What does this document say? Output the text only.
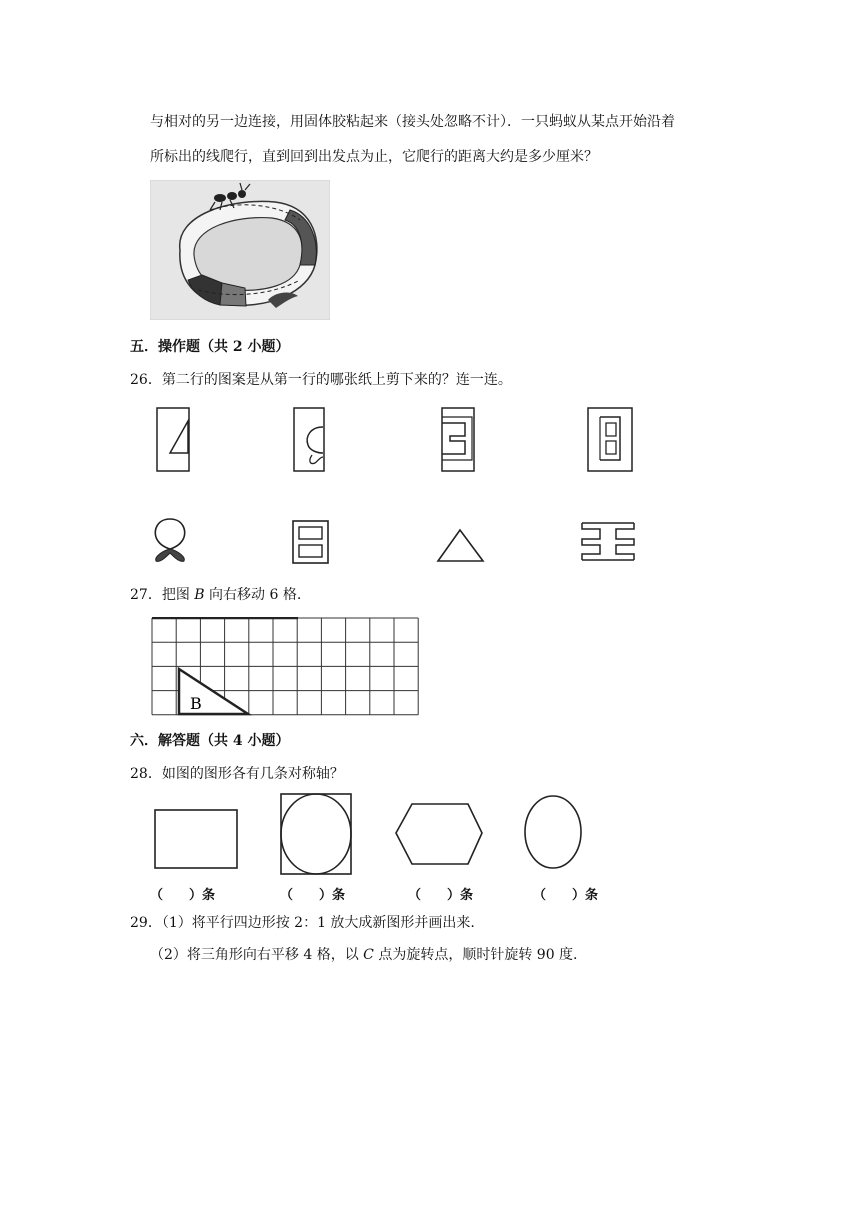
与相对的另一边连接，用固体胶粘起来（接头处忽略不计）．一只蚂蚁从某点开始沿着
所标出的线爬行，直到回到出发点为止，它爬行的距离大约是多少厘米？
五．操作题（共 2 小题）
26．第二行的图案是从第一行的哪张纸上剪下来的？连一连。
27．把图 B 向右移动 6 格.
B
六．解答题（共 4 小题）
28．如图的图形各有几条对称轴？
（　　）条	（　　）条	（　　）条	（　　）条
29．（1）将平行四边形按 2：1 放大成新图形并画出来.
（2）将三角形向右平移 4 格，以 C 点为旋转点，顺时针旋转 90 度.
